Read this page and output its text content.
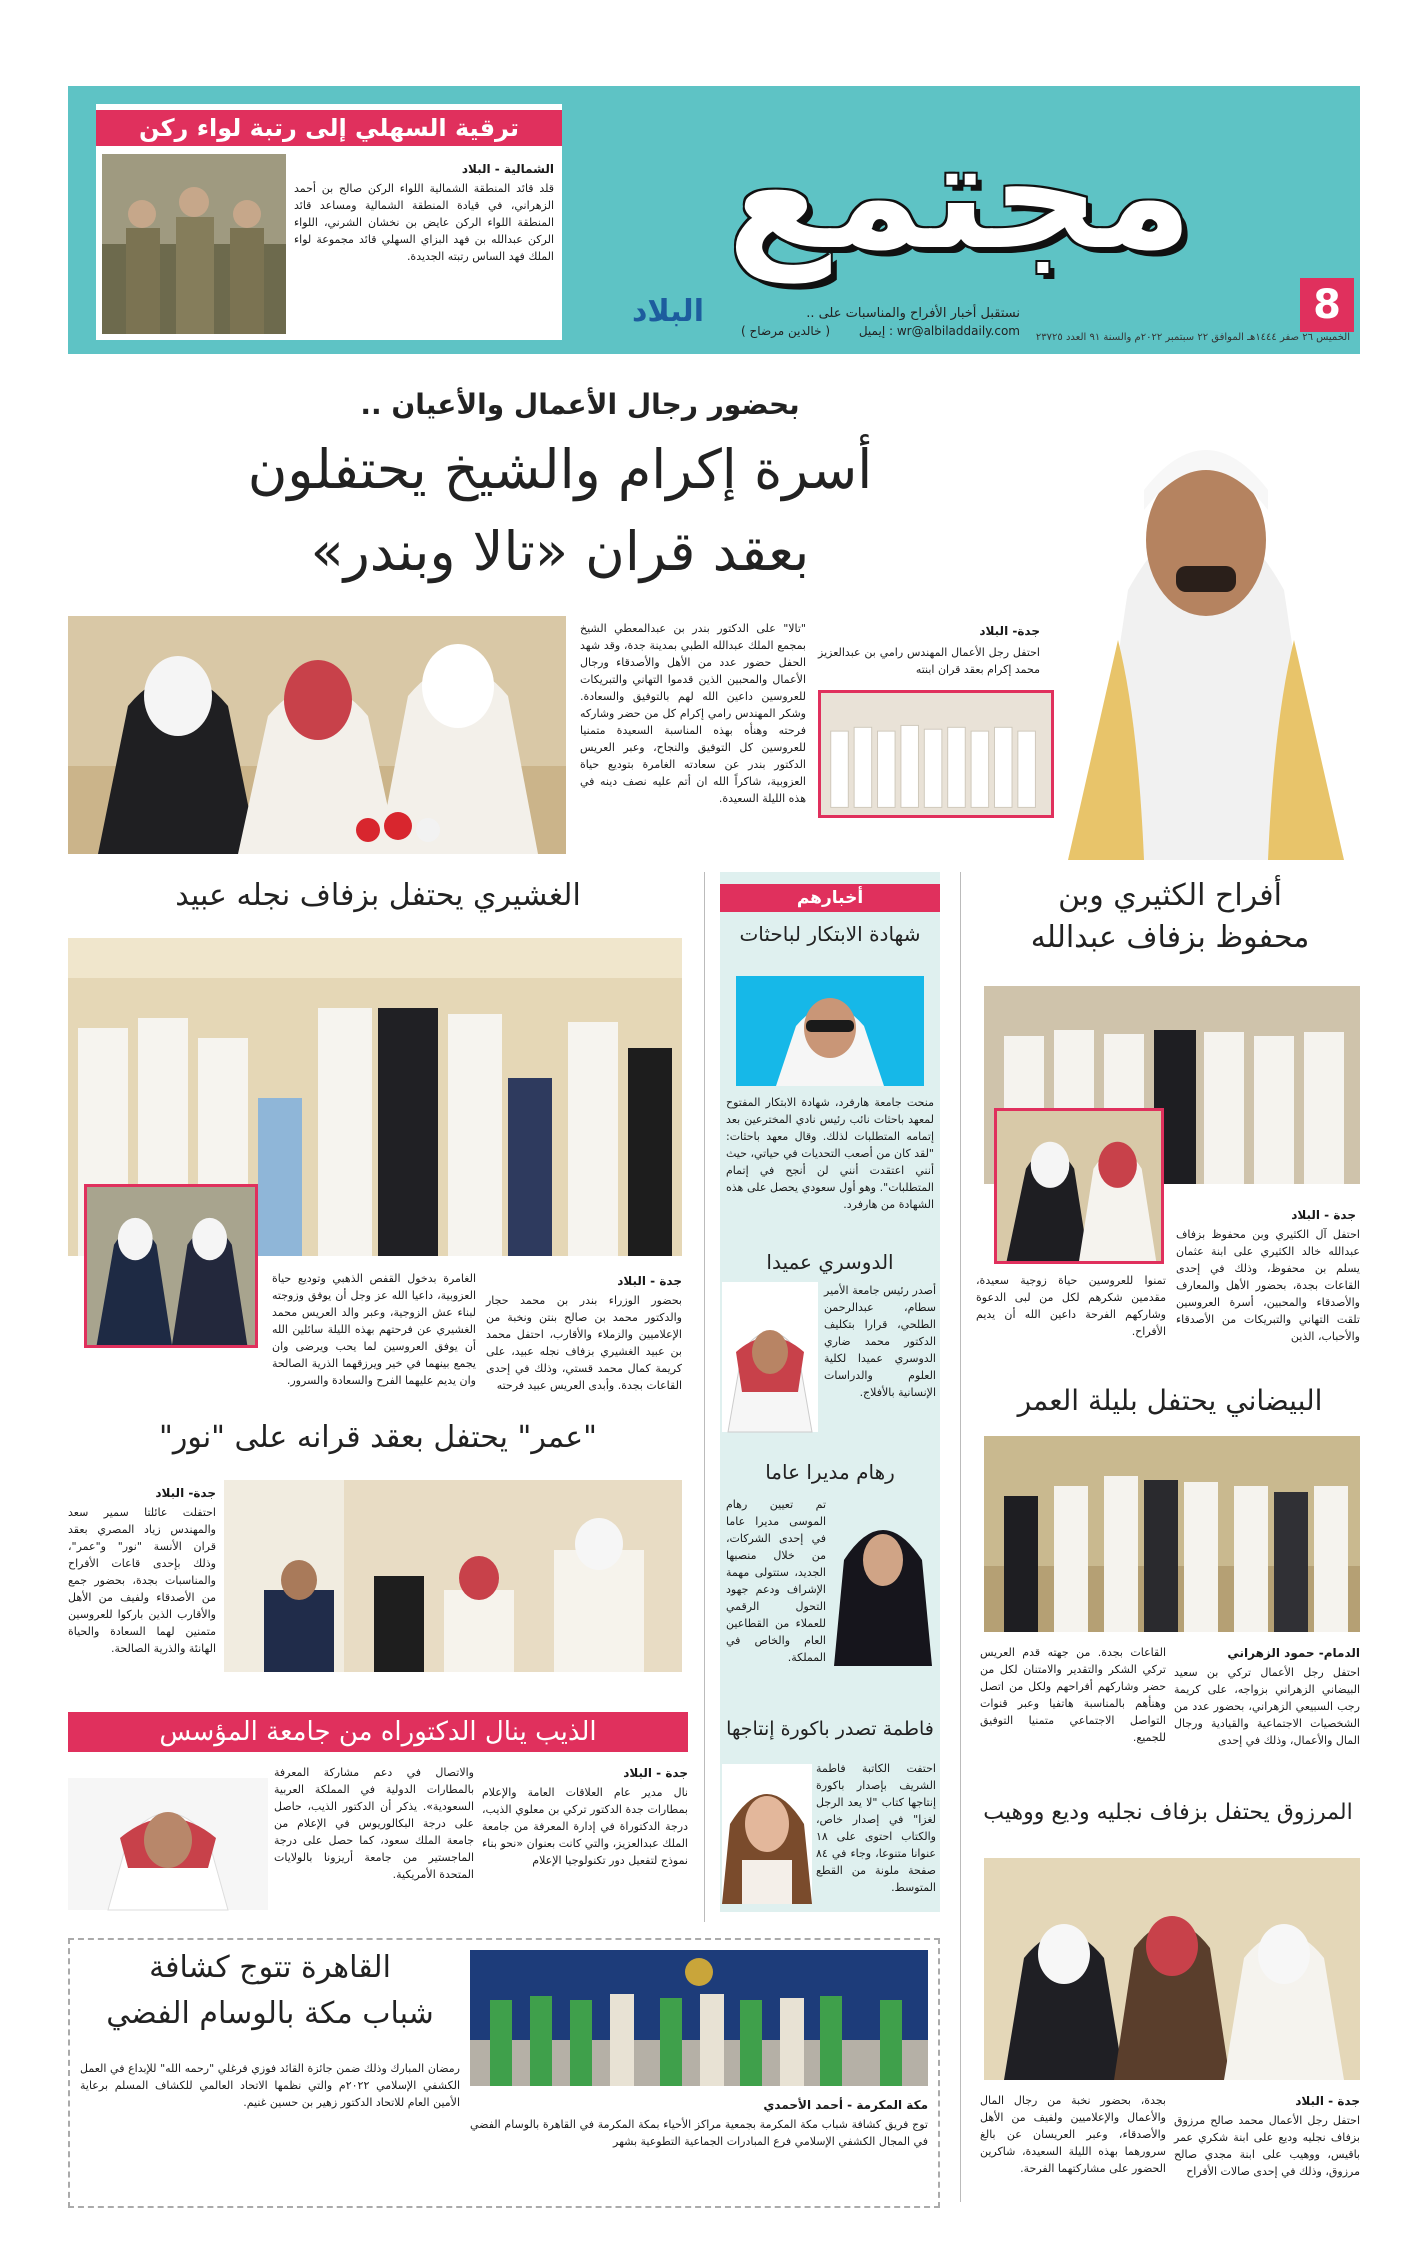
مجتمع
8
البلاد	نستقبل أخبار الأفراح والمناسبات على ..
إيميل : wr@albiladdaily.com
( خالدين مرضاح )	الخميس ٢٦ صفر ١٤٤٤هـ الموافق ٢٢ سبتمبر ٢٠٢٢م والسنة ٩١ العدد ٢٣٧٢٥
ترقية السهلي إلى رتبة لواء ركن
الشمالية - البلاد
قلد قائد المنطقة الشمالية اللواء الركن صالح بن أحمد الزهراني، في قيادة المنطقة الشمالية ومساعد قائد المنطقة اللواء الركن عايض بن نخشان الشرني، اللواء الركن عبدالله بن فهد البزاي السهلي قائد مجموعة لواء الملك فهد الساس رتبته الجديدة.
بحضور رجال الأعمال والأعيان ..
أسرة إكرام والشيخ يحتفلون
بعقد قران «تالا وبندر»
جدة- البلاد
احتفل رجل الأعمال المهندس رامي بن عبدالعزيز محمد إكرام بعقد قران ابنته
"تالا" على الدكتور بندر بن عبدالمعطي الشيخ بمجمع الملك عبدالله الطبي بمدينة جدة، وقد شهد الحفل حضور عدد من الأهل والأصدقاء ورجال الأعمال والمحبين الذين قدموا التهاني والتبريكات للعروسين داعين الله لهم بالتوفيق والسعادة. وشكر المهندس رامي إكرام كل من حضر وشاركه فرحته وهنأه بهذه المناسبة السعيدة متمنيا للعروسين كل التوفيق والنجاح، وعبر العريس الدكتور بندر عن سعادته الغامرة بتوديع حياة العزوبية، شاكراً الله ان أتم عليه نصف دينه في هذه الليلة السعيدة.
أفراح الكثيري وبن
محفوظ بزفاف عبدالله
جدة - البلاد
احتفل آل الكثيري وبن محفوظ بزفاف عبدالله خالد الكثيري على ابنة عثمان يسلم بن محفوظ، وذلك في إحدى القاعات بجدة، بحضور الأهل والمعارف والأصدقاء والمحبين، أسرة العروسين تلقت التهاني والتبريكات من الأصدقاء والأحباب، الذين
تمنوا للعروسين حياة زوجية سعيدة، مقدمين شكرهم لكل من لبى الدعوة وشاركهم الفرحة داعين الله أن يديم الأفراح.
الغشيري يحتفل بزفاف نجله عبيد
جدة - البلاد
بحضور الوزراء بندر بن محمد حجار والدكتور محمد بن صالح بنتن ونخبة من الإعلاميين والزملاء والأقارب، احتفل محمد بن عبيد الغشيري بزفاف نجله عبيد، على كريمة كمال محمد قستي، وذلك في إحدى القاعات بجدة. وأبدى العريس عبيد فرحته
الغامرة بدخول القفص الذهبي وتوديع حياة العزوبية، داعيا الله عز وجل أن يوفق وزوجته لبناء عش الزوجية، وعبر والد العريس محمد الغشيري عن فرحتهم بهذه الليلة سائلين الله أن يوفق العروسين لما يحب ويرضى وان يجمع بينهما في خير ويرزقهما الذرية الصالحة وان يديم عليهما الفرح والسعادة والسرور.
"عمر" يحتفل بعقد قرانه على "نور"
جدة- البلاد
احتفلت عائلتا سمير سعد والمهندس زياد المصري بعقد قران الأنسة "نور" و"عمر"، وذلك بإحدى قاعات الأفراح والمناسبات بجدة، بحضور جمع من الأصدقاء ولفيف من الأهل والأقارب الذين باركوا للعروسين متمنين لهما السعادة والحياة الهانئة والذرية الصالحة.
أخبارهم
شهادة الابتكار لباحثات
منحت جامعة هارفرد، شهادة الابتكار المفتوح لمعهد باحثات نائب رئيس نادي المخترعين بعد إتمامه المتطلبات لذلك. وقال معهد باحثات: "لقد كان من أصعب التحديات في حياتي، حيث أنني اعتقدت أنني لن أنجح في إتمام المتطلبات". وهو أول سعودي يحصل على هذه الشهادة من هارفرد.
الدوسري عميدا
أصدر رئيس جامعة الأمير سطام، عبدالرحمن الطلحي، قرارا بتكليف الدكتور محمد ضاري الدوسري عميدا لكلية العلوم والدراسات الإنسانية بالأفلاج.
رهام مديرا عاما
تم تعيين رهام الموسى مديرا عاما في إحدى الشركات، من خلال منصبها الجديد، ستتولى مهمة الإشراف ودعم جهود التحول الرقمي للعملاء من القطاعين العام والخاص في المملكة.
فاطمة تصدر باكورة إنتاجها
احتفت الكاتبة فاطمة الشريف بإصدار باكورة إنتاجها كتاب "لا يعد الرجل لغزا" في إصدار خاص، والكتاب احتوى على ١٨ عنوانا متنوعا، وجاء في ٨٤ صفحة ملونة من القطع المتوسط.
البيضاني يحتفل بليلة العمر
الدمام- حمود الزهراني
احتفل رجل الأعمال تركي بن سعيد البيضاني الزهراني بزواجه، على كريمة رجب السبيعي الزهراني، بحضور عدد من الشخصيات الاجتماعية والقيادية ورجال المال والأعمال، وذلك في إحدى
القاعات بجدة. من جهته قدم العريس تركي الشكر والتقدير والامتنان لكل من حضر وشاركهم أفراحهم ولكل من اتصل وهنأهم بالمناسبة هاتفيا وعبر قنوات التواصل الاجتماعي متمنيا التوفيق للجميع.
الذيب ينال الدكتوراه من جامعة المؤسس
جدة - البلاد
نال مدير عام العلاقات العامة والإعلام بمطارات جدة الدكتور تركي بن معلوي الذيب، درجة الدكتوراة في إدارة المعرفة من جامعة الملك عبدالعزيز، والتي كانت بعنوان «نحو بناء نموذج لتفعيل دور تكنولوجيا الإعلام
والاتصال في دعم مشاركة المعرفة بالمطارات الدولية في المملكة العربية السعودية». يذكر أن الدكتور الذيب، حاصل على درجة البكالوريوس في الإعلام من جامعة الملك سعود، كما حصل على درجة الماجستير من جامعة أريزونا بالولايات المتحدة الأمريكية.
المرزوق يحتفل بزفاف نجليه وديع ووهيب
جدة - البلاد
احتفل رجل الأعمال محمد صالح مرزوق بزفاف نجليه وديع على ابنة شكري عمر باقيس، ووهيب على ابنة مجدي صالح مرزوق، وذلك في إحدى صالات الأفراح
بجدة، بحضور نخبة من رجال المال والأعمال والإعلاميين ولفيف من الأهل والأصدقاء، وعبر العريسان عن بالغ سرورهما بهذه الليلة السعيدة، شاكرين الحضور على مشاركتهما الفرحة.
القاهرة تتوج كشافة
شباب مكة بالوسام الفضي
مكة المكرمة - أحمد الأحمدي
توج فريق كشافة شباب مكة المكرمة بجمعية مراكز الأحياء بمكة المكرمة في القاهرة بالوسام الفضي في المجال الكشفي الإسلامي فرع المبادرات الجماعية التطوعية بشهر
رمضان المبارك وذلك ضمن جائزة القائد فوزي فرغلي "رحمه الله" للإبداع في العمل الكشفي الإسلامي ٢٠٢٢م والتي نظمها الاتحاد العالمي للكشاف المسلم برعاية الأمين العام للاتحاد الدكتور زهير بن حسين غنيم.
